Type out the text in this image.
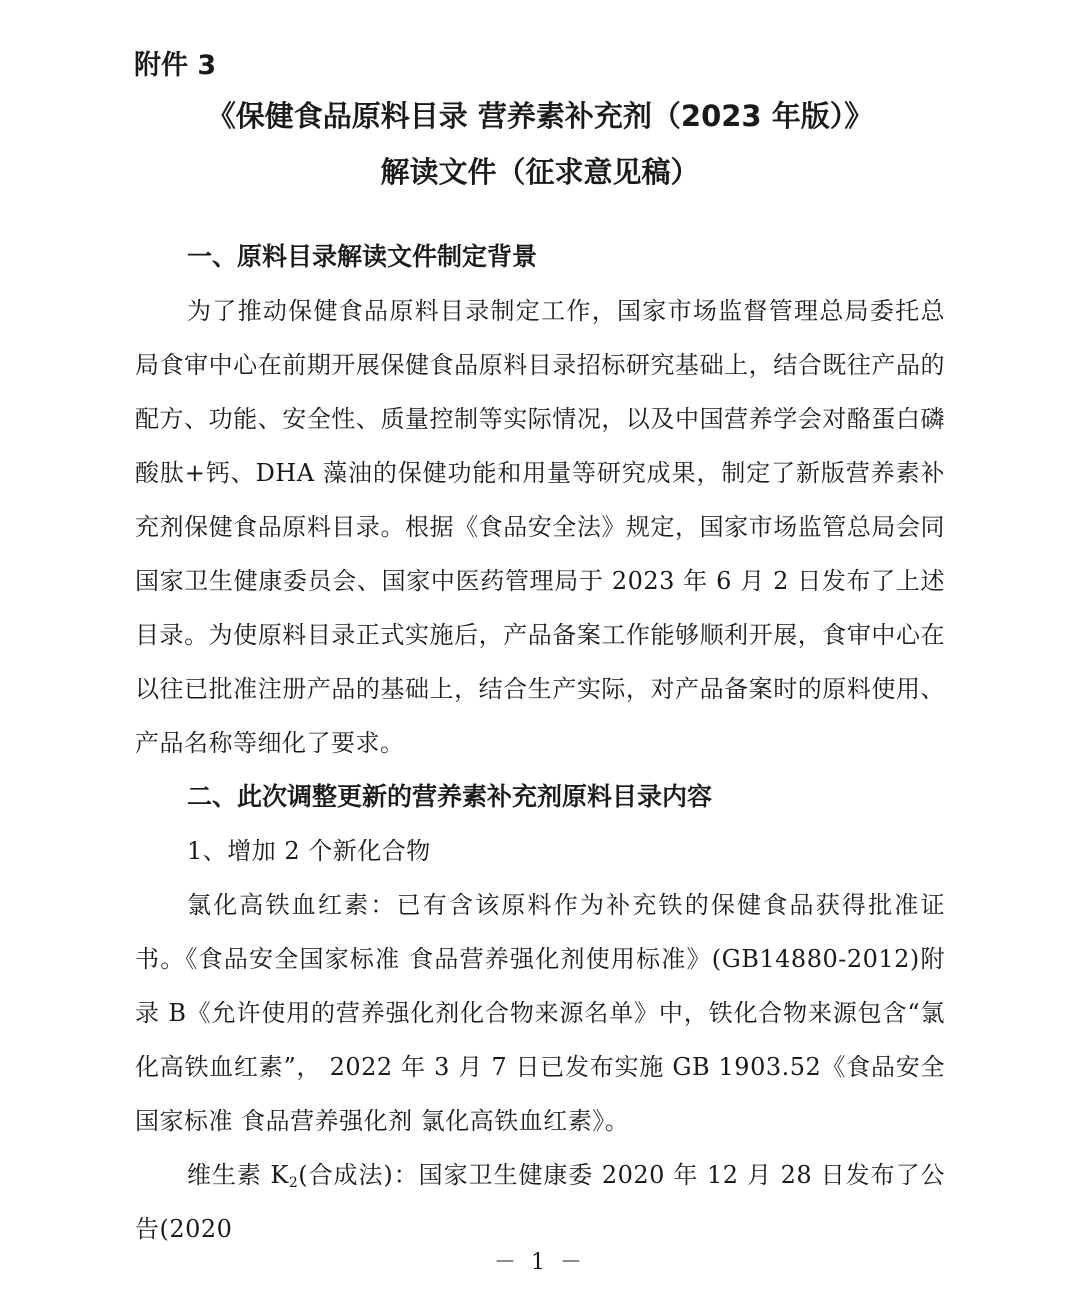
附件 3
《保健食品原料目录 营养素补充剂（2023 年版）》
解读文件（征求意见稿）

一、原料目录解读文件制定背景

为了推动保健食品原料目录制定工作，国家市场监督管理总局委托总局食审中心在前期开展保健食品原料目录招标研究基础上，结合既往产品的配方、功能、安全性、质量控制等实际情况，以及中国营养学会对酪蛋白磷酸肽+钙、DHA 藻油的保健功能和用量等研究成果，制定了新版营养素补充剂保健食品原料目录。根据《食品安全法》规定，国家市场监管总局会同国家卫生健康委员会、国家中医药管理局于 2023 年 6 月 2 日发布了上述目录。为使原料目录正式实施后，产品备案工作能够顺利开展，食审中心在以往已批准注册产品的基础上，结合生产实际，对产品备案时的原料使用、产品名称等细化了要求。

二、此次调整更新的营养素补充剂原料目录内容

1、增加 2 个新化合物

氯化高铁血红素：已有含该原料作为补充铁的保健食品获得批准证书。《食品安全国家标准 食品营养强化剂使用标准》(GB14880-2012)附录 B《允许使用的营养强化剂化合物来源名单》中，铁化合物来源包含“氯化高铁血红素”， 2022 年 3 月 7 日已发布实施 GB 1903.52《食品安全国家标准 食品营养强化剂 氯化高铁血红素》。

维生素 $K_2$(合成法)：国家卫生健康委 2020 年 12 月 28 日发布了公告(2020

－ 1 －
